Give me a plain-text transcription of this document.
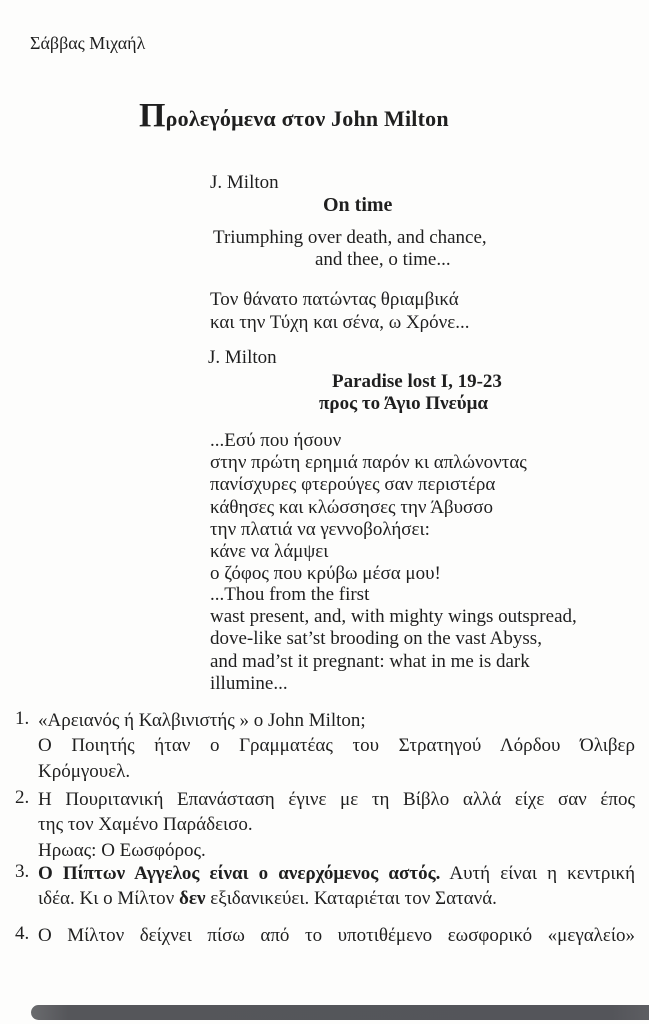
Σάββας Μιχαήλ
Προλεγόμενα στον John Milton
J. Milton
On time
Triumphing over death, and chance,
and thee, o time...
Τον θάνατο πατώντας θριαμβικά
και την Τύχη και σένα, ω Χρόνε...
J. Milton
Paradise lost I, 19-23
προς το Άγιο Πνεύμα
...Εσύ που ήσουν
στην πρώτη ερημιά παρόν κι απλώνοντας
πανίσχυρες φτερούγες σαν περιστέρα
κάθησες και κλώσσησες την Άβυσσο
την πλατιά να γεννοβολήσει:
κάνε να λάμψει
ο ζόφος που κρύβω μέσα μου!
...Thou from the first
wast present, and, with mighty wings outspread,
dove-like sat’st brooding on the vast Abyss,
and mad’st it pregnant: what in me is dark
illumine...
1. «Αρειανός ή Καλβινιστής » ο John Milton;
Ο Ποιητής ήταν ο Γραμματέας του Στρατηγού Λόρδου Όλιβερ
Κρόμγουελ.
2. Η Πουριτανική Επανάσταση έγινε με τη Βίβλο αλλά είχε σαν έπος
της τον Χαμένο Παράδεισο.
Ηρωας: Ο Εωσφόρος.
3. Ο Πίπτων Αγγελος είναι ο ανερχόμενος αστός. Αυτή είναι η κεντρική
ιδέα. Κι ο Μίλτον δεν εξιδανικεύει. Καταριέται τον Σατανά.
4. Ο Μίλτον δείχνει πίσω από το υποτιθέμενο εωσφορικό «μεγαλείο»
